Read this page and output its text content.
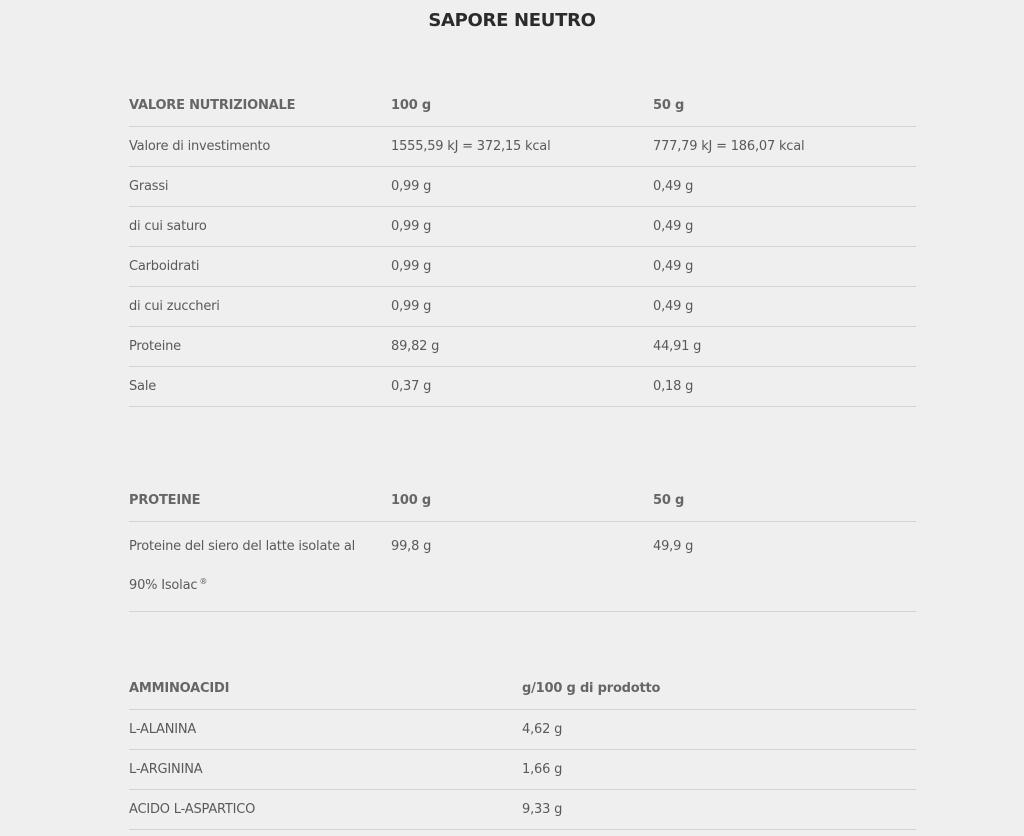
SAPORE NEUTRO
VALORE NUTRIZIONALE	100 g	50 g
Valore di investimento	1555,59 kJ = 372,15 kcal	777,79 kJ = 186,07 kcal
Grassi	0,99 g	0,49 g
di cui saturo	0,99 g	0,49 g
Carboidrati	0,99 g	0,49 g
di cui zuccheri	0,99 g	0,49 g
Proteine	89,82 g	44,91 g
Sale	0,37 g	0,18 g
PROTEINE	100 g	50 g
Proteine del siero del latte isolate al
90% Isolac ®	99,8 g	49,9 g
AMMINOACIDI	g/100 g di prodotto
L-ALANINA	4,62 g
L-ARGININA	1,66 g
ACIDO L-ASPARTICO	9,33 g
